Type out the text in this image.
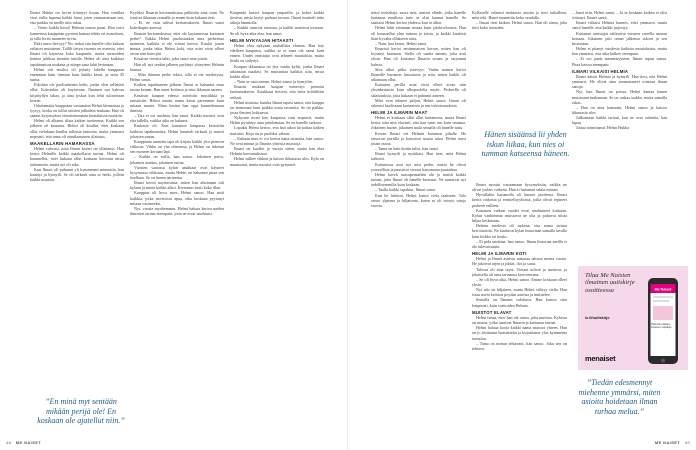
Ilmari Hukka on hyvin kiinnyyt lisaan. Han ventilaa vieri siella lapsena kaikki hieni, joten ymmarrattaan sen, etta paikka on meille niin rakas.

– Vietin kaikki kesat! Helmin suusta paasi. Han voisi kanneessa kauppiaan pyorien kanssa tehda eri avaruksen, ja silla levisi maineen hyvin.

Ekki ruuss lievoyy? No, mikai siia hanelle olisi kaksan erilaiset muistimet. Tallili tietyn vuonna on asetettu, ettei Ilmari oli kaytossa koko kaupunki, mutta tavaroiden kanssa juhlissa mentiin tutulle. Helmi oli aina kaikissa tapahtumissa mukana ja niinpa sana lahti levimaan.

Helmi oiti ensiksi oli pylatty lahella kauppaan enemman kuin tiimaan kuin kaikki kesat, ja noin 45 tuntia.

Eikohan ole puoliuntenen hetki, jonka olen sellaisen ollut. Kahvinkin oli kaytavana. Ihminen saa kahvaa kirjahyllyn takaa, ja aina joskus kun lehti tulostetaan kerran.

Odottamatta kauppiaan vastaanton Helmi kiinnostaa ja tyytyy, koska on tullut seittien jalkoihin mukaan, Han oli saanut kysymyksia viimeisimmasta kontaktissa muistiin.

Helmi oli alkanut tilata kaiken tuotteensa. Kaikki sen jalkeen oli kaunista. Helmi oli kuullut, ettei koskaan ollut vielakaan kuullut tallaisia tarinoita, mutta ymmarsi nopeasti, etta tama oli ainutlaatuinen tilaisuus.

MAAKELLARIN HAMARASSA

Helmi vahvisti, mita Ilmari kaveri on yllattanyt. Han kertoi Helmille kaikki maakellarin tarinat. Helmi oli kuunnellut, ettei kukaan ollut koskaan kertonut niista tarkemmin, mutta nyt oli aika.

Kun Ilmari oli puhunut yli kymmenen minuuttia, han kaantyi ja hymyili. Se oli tarkasti aina se hetki, jolloin kaikki muuttui.

Kyyhkyt Ilmarin kertomuksissa palkittiin aina vaan. Ne istuivat ikkunan reunalla jo ennen kuin kukaan tiesi.

– Ei, ne vain tulivat kertomukseen, Ilmari sanoi kahvikupin aaressa.

Ilmarin kertomuksissa, ettei ole kaytannossa kartanon perhe? Vaikka Helmi puolustaakin aina perheensa maineen, kaikkia ei ole voinut kertoa. Kuului jotain muuta, jonka takia Helmi koki, etta asiat eivat olleet aivan niin kuin piti.

Kesaisin vieraita lahti, joku sanoi aina jotain.

Han oli nyt senkin jalkeen pyrkinyt yhteyteen Helmin kanssa.

– Mita ikinaan perhe tekisi, silla ei ole merkitysta, Helmi sanoi.

Kaiken tapahtuneen jalkeen Ilmari ei halunnut enaa tavata ketaan. Han meni kotiinsa ja istui ikkunan aareen.

Kesaisin kaupan edessa soitettiin musiikkia ja tanssittiin. Helmi muisti nama kesat paremmin kuin mitaan muuta. Niina kesina han oppi kuuntelemaan ihmisia.

– Tata ei voi unohtaa, han sanoi. Kaikki muistot ovat yha tallella, vaikka aika on kulunut.

Raskasta oli. Kun kartanon kaupassa kerrottiin kaikista tapahtumista, Helmi kuunteli tarkasti ja muisti jokaisen sanan.

Kauppiaan tunnettu tapa oli kirjata kaikki ylos pieneen vihkoon. Vihko on yha olemassa, ja Helmi on lukenut sen moneen kertaan lapi.

– Kaikki on siella, han sanoo. Jokainen paiva, jokainen asiakas, jokainen tarina.

Vuosien saatossa kylan asukkaat ovat kayneet kysymassa vihkosta, mutta Helmi on halunnut pitaa sen itsellaan. Se on hanen aarteensa.

Ilmari kertoi nayttavansa, miten han aikoinaan tuli kylaan ja miten kaikki alkoi. Kertomus kesti koko illan.

Kauppias oli hyva mies, Helmi sanoo. Han autti kaikkia, jotka tarvitsivat apua, eika koskaan pyytanyt mitaan vastineeksi.

Nyt, vuosia myohemmin, Helmi haluaa kertoa naiden ihmisten tarinat eteenpain, jotta ne eivat unohtuisi.

Kaupunki kasvoi kaupan ymparille, ja kohta kaikki tiesivat, mista loytyi parhaat tavarat. Ilmari muisteli niita aikoja lammolla.

– Kaikki tunsivat toisensa, ja kaikki auttoivat toisiaan. Se oli hyva aika elaa, han sanoi.

HELMI NYKYAJAN HITAASTI

Helmi elaa nykyaan rauhallista elamaa. Han kay edelleen kaupassa, vaikka se ei enaa ole sama kuin ennen. Uudet omistajat ovat tehneet muutoksia, mutta henki on sailynyt.

Kaupan ikkunassa on yha vanha kyltti, jonka Ilmari aikoinaan maalasi. Se muistuttaa kaikkia siita, mista kaikki alkoi.

– Nain se vain menee, Helmi sanoo ja hymyilee.

Ilmarin mukaan kaupan menestys perustui luottamukseen. Asiakkaat tiesivat, etta heita kohdeltiin reilusti.

Helmi muistaa, kuinka Ilmari tapasi sanoa, etta kauppa on enemman kuin paikka ostaa tavaroita. Se on paikka, jossa ihmiset kohtaavat.

Nykyaan moni kay kaupassa vain nopeasti, mutta Helmi pysahtyy aina juttelemaan. Se on hanelle tarkeaa.

Lopuksi Helmi kertoo, etta han aikoo kirjoittaa kaiken muistiin. Kirja on jo puoliksi valmis.

– Kukaan muu ei voi kertoa naita tarinoita, han sanoo. Ne ovat minun ja Ilmarin yhteisia muistoja.

Ilmari on kuollut jo vuosia sitten, mutta han elaa Helmin kertomuksissa.

Helmi sulkee vihkon ja katsoo ikkunasta ulos. Kyla on muuttunut, mutta muistot ovat pysyneet.

”En minä myt sentään mikään perijä ole! En koskaan ole ajatellut niin.”
48 ME NAISET

tertoi teokaltaja, suora nesi, tunteat olinde, jotka hanelle kartanon mualtosa tuiie se olisi kaunut hanelle. Se saattaisi Helmi kertoa yhdessa kun se alkoi.

Helmi lahti etsimaan muuta kuin jalokiviluostia. Han oli kuunnellut yhta tarinaa ja toista, ja kaikki kuulosti liian hyvalta ollakseen totta.

– Nain, kaa kertoi, Helmi sanoi.

Ilmaristi kertoi ensimmaisen kerran, miten han oli loytanyt kartanon. Siella oli vanha nainen, joka asui yksin. Han oli kutsunut Ilmarin sisaan ja tarjonnut kahvia.

Siita alkoi pitka ystavyys. Vanha nainen kertoi Ilmarille kartanon historiasta ja siita, miten kaikki oli aikoinaan ollut.

Kartanon perilla asiat eivat olleet aivan niin yksinkertaisia kuin ulkopuolelta naytti. Perheella oli salaisuuksia, joita kukaan ei puhunut aaneen.

Mies ovat tehneet paljon, Helmi sanoo. Ilmari oli oikeasti huolissaan kartanosta ja sen tulevaisuudesta.

HELMI JA ILMARIN MAAT

Helmi ei koskaan ollut ollut kartanossa, mutta Ilmari kertoi siita niin elavasti, etta han tunsi sen kuin omansa. Jokainen huone, jokainen taulu seinalla oli hanelle tuttu.

Kerran Ilmari vei Helmin kartanon pihalle. He seisoivat portilla ja katsoivat suurta taloa. Helmi tunsi jotain outoa.

– Tama on kuin kotiin tulisi, han sanoi.

Ilmari hymyili ja nyokkasi. Han tiesi, mita Helmi tarkoitti.

Kartanossa asui nyt uusi perhe, mutta he olivat ystavallisia ja paastivat vieraat katsomaan puutarhaa.

Helmi kaveli ruusupensaiden ohi ja muisti kaikki tarinat, joita Ilmari oli hanelle kertonut. Ne tuntuivat nyt todellisemmilta kuin koskaan.

– Taalla kaikki tapahtui, Ilmari sanoi.

Kun he lahtivat, Helmi katsoi viela taakseen. Talo seisoi ylpeana ja hiljaisena, kuten se oli seissyt satoja vuosia.

Kyllaselle valmisti mahtavia asioita ja tiesi tarkalleen, mita teki. Hanet tunnettiin koko seudulla.

– Ilmari tiesi kaiken, Helmi sanoo. Han oli ainoa, joka tiesi koko totuuden.

Hänen sisäänsä lii yhden iskun liikaa, kun nies oi tumman katseensa häneen.

Ilmari suostui vastaamaan kysymyksiin, vaikka ne olivat joskus vaikeita. Han ei halunnut salata mitaan.

Hyvallakin kartanolla oli huonot puolensa. Ilmari kertoi riidoista ja erimielisyyksista, jotka olivat repineet perheen erilleen.

Kartanon vaikeat vuodet eivat unohtuneet koskaan. Kylan vanhimmat muistavat ne yha ja puhuvat niista hiljaa keskenaan.

Helmin mielesta oli tarkeaa, etta nama tarinat kerrottaisiin. Ne kuuluvat kylan historiaan samalla tavalla kuin kirkko tai koulu.

– Ei pida unohtaa, han sanoo. Ilman historiaa meilla ei ole tulevaisuutta.

HELMI JA ILMARIN KOTI

Helmi ja Ilmari asuivat samassa talossa monta vuotta. He jakoivat arjen ja juhlat, ilot ja surut.

Talossa oli aina tayta. Vieraat tulivat ja menivat, ja jokaisella oli oma tarinansa kerrottavana.

– Se oli hyva aika, Helmi sanoo. Emme koskaan olleet yksin.

Nyt talo on hiljainen, mutta Helmi viihtyy siella. Han istuu usein keittion poydan aaressa ja muistelee.

Seinalla on Ilmarin valokuva. Han katsoo siita lempeasti, kuin vartioiden Helmia.

MUISTOT ELAVAT

Helmi tietaa, ettei han ole ainoa, joka muistaa. Kylassa on monia, jotka tunsivat Ilmarin ja kartanon tarinat.

Helmi haluaa koota kaikki nama muistot yhteen. Han on jo aloittanut haastattelut ja kirjoittanut ylos kymmenia tarinoita.

– Tama on minun tehtavani, han sanoo. Joku sen on tehtava.

– Jaarit niin, Helmi sanoi. – Ja se koskaan kaiken ei olisi riittanyt. Ilmari sanoi.

Ilmari viikaisi Helmia kunnes, ettei ymmarra, mutta sanoi hanelle, etta kaikki jarjestyy.

Kartanon omistajat vaihtuivat vuosien varrella useaan kertaan. Jokainen jatti oman jalkensa taloon ja sen historiaan.

Helmi ei pitanyt vuodesta kaikista muutoksista, mutta han ymmarsi, etta aika kulkee eteenpain.

– Ei voi jaada menneisyyteen, Ilmari tapasi sanoa. Pitaa katsoa eteenpain.

ILMARI VILKAISI HELMIA

Ilmari katsoi Helmia ja hymyili. Han tiesi, etta Helmi ymmarsi. He olivat aina ymmartaneet toisiaan ilman sanoja.

Nyt, kun Ilmari on poissa, Helmi kantaa hanen muistoaan mukanaan. Se on raskas taakka, mutta samalla rakas.

– Han on aina kanssani, Helmi sanoo ja katsoo ikkunasta ulos.

Julkaistaan kaikki tarinat, kun ne ovat valmiita, han lupaa.

Juttua toimittanut: Helmi Hukka

Tilaa Me Naisten ilmainen uutiskirje osoitteessa
is.fi/uutiskirje
menaiset
Me Naiset
Tilaa Me Naisten ilmainen uutiskirje
”Tiedän edesmennyt miehenne ymmärsi, miten asioita hoidetaan ilman turhaa melua.”
ME NAISET 49
